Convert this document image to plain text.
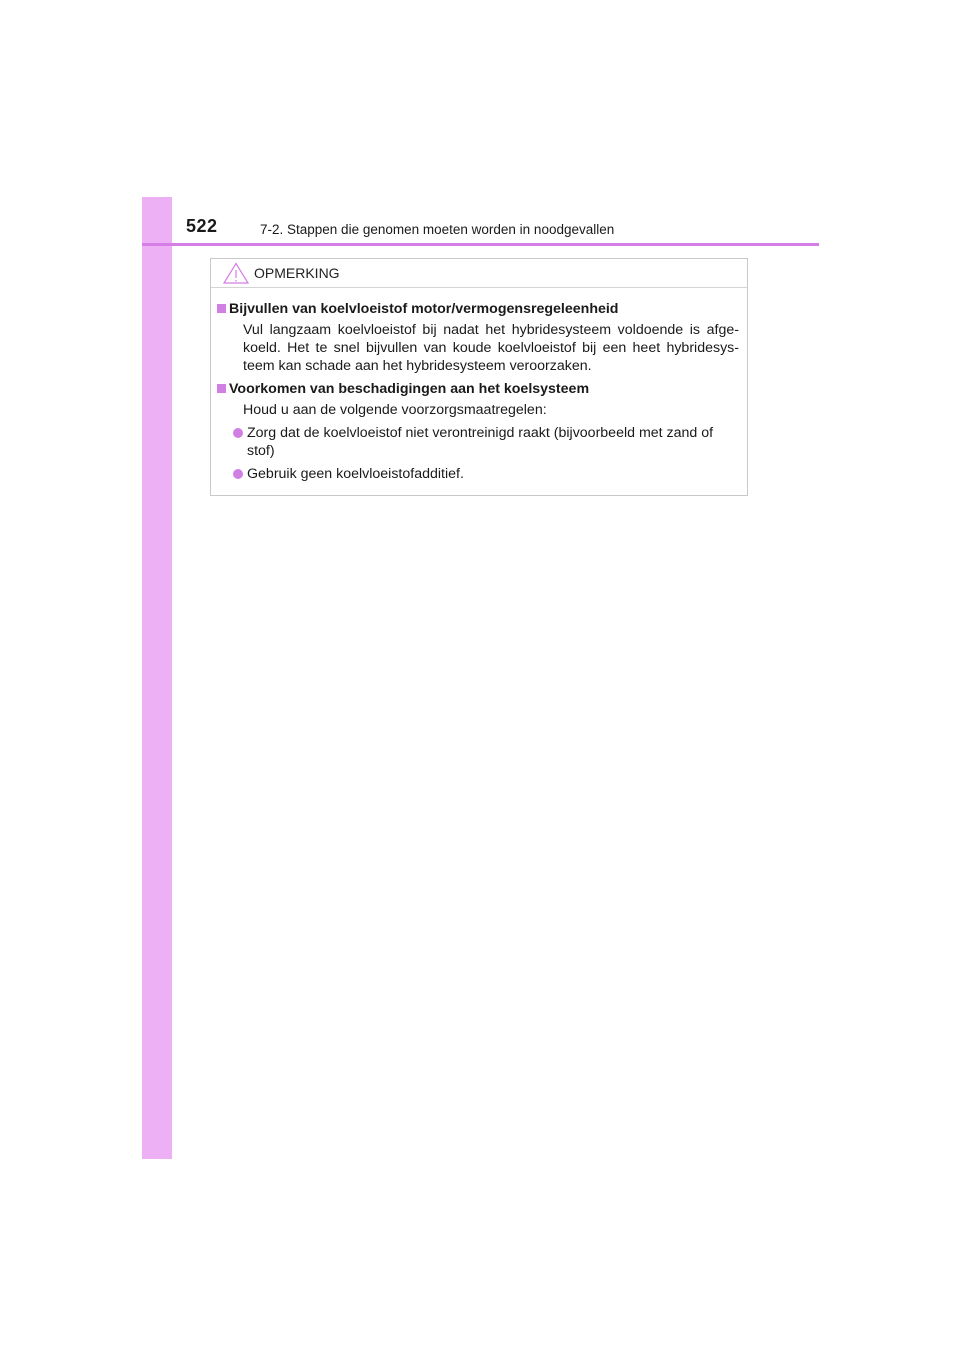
522	7-2. Stappen die genomen moeten worden in noodgevallen
OPMERKING
Bijvullen van koelvloeistof motor/vermogensregeleenheid
Vul langzaam koelvloeistof bij nadat het hybridesysteem voldoende is afge- koeld. Het te snel bijvullen van koude koelvloeistof bij een heet hybridesys- teem kan schade aan het hybridesysteem veroorzaken.
Voorkomen van beschadigingen aan het koelsysteem
Houd u aan de volgende voorzorgsmaatregelen:
Zorg dat de koelvloeistof niet verontreinigd raakt (bijvoorbeeld met zand of stof)
Gebruik geen koelvloeistofadditief.
